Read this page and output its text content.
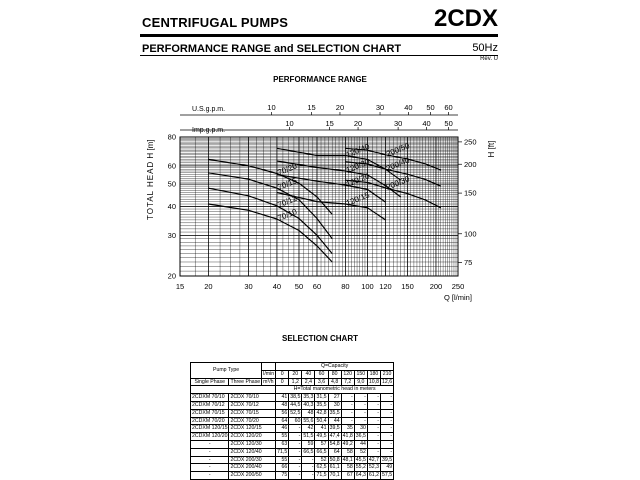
CENTRIFUGAL PUMPS	2CDX
PERFORMANCE RANGE and SELECTION CHART	50Hz
Rev. U
PERFORMANCE RANGE
15	20	30	40 50 60	80 100 120 150 200 250
20
30
40
50
60
80
75
100
150
200
250
Q [l/min]
TOTAL HEAD
H [m]	H [ft]
U.S.g.p.m.	10	15	20	30	40 50 60
Imp.g.p.m.
10	15	20	30	40 50
70/10
70/12
70/15
70/20
120/15
120/20
120/30
120/40
200/30
200/40
200/50
SELECTION CHART
Pump Type			Q=Capacity								
		l/min	0	20	40	60	80	120	150	180	210
Single Phase	Three Phase	m³/h	0	1,2	2,4	3,6	4,8	7,2	9,0	10,8	12,6
			H=Total manometric head in meters								
2CDXM 70/10	2CDX 70/10		41	38,5	35,3	31,5	27	-	-	-	-
2CDXM 70/12	2CDX 70/12		48	44,5	40,3	35,5	30	-	-	-	-
2CDXM 70/15	2CDX 70/15		56	52,5	48	42,8	35,5	-	-	-	-
2CDXM 70/20	2CDX 70/20		64	60	55,6	50,4	44	-	-	-	-
2CDXM 120/15	2CDX 120/15		46	-	42	41	39,5	35	30	-	-
2CDXM 120/20	2CDX 120/20		55	-	51,5	49,5	47,4	41,8	36,5	-	-
-	2CDX 120/30		63	-	59	57	54,8	49,2	44	-	-
-	2CDX 120/40		71,5	-	66,5	66,5	64	58	52	-	-
-	2CDX 200/30		55	-	-	52	50,8	48,1	45,5	42,7	39,5
-	2CDX 200/40		66	-	-	62,5	61,1	58	55,2	52,3	49
-	2CDX 200/50		75	-	-	71,5	70,1	67	64,3	61,2	57,5
